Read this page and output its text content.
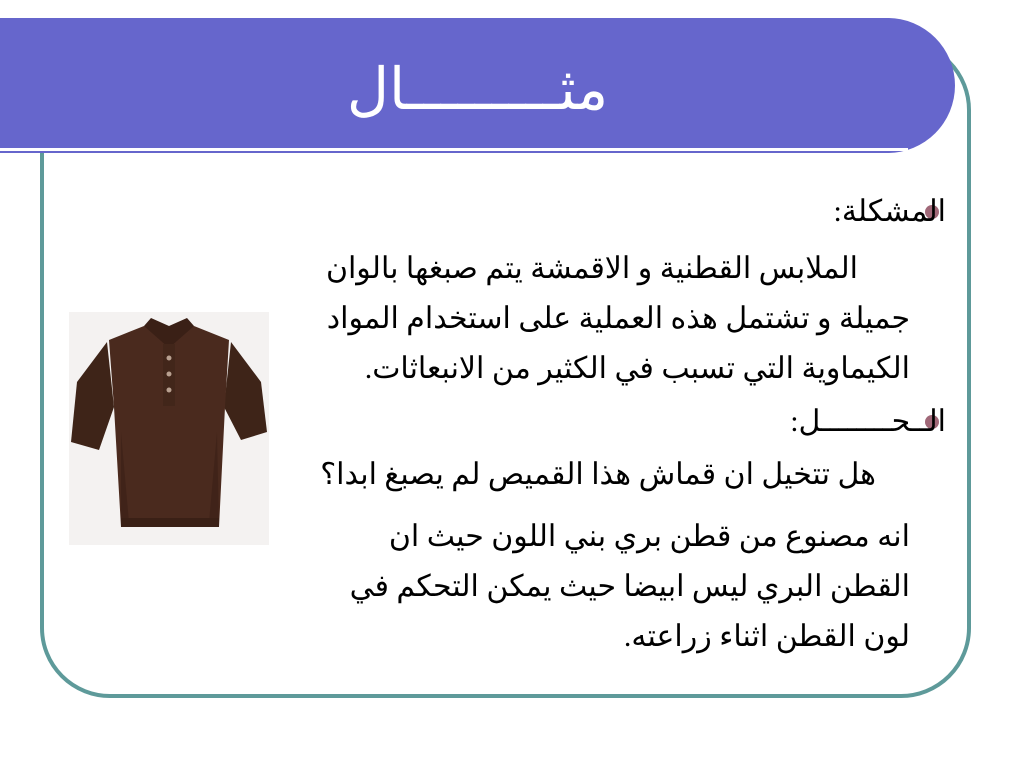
مثـــــــــال
المشكلة:
الملابس القطنية و الاقمشة يتم صبغها بالوان
جميلة و تشتمل هذه العملية على استخدام المواد
الكيماوية التي تسبب في الكثير من الانبعاثات.
الــحــــــــل:
هل تتخيل ان قماش هذا القميص لم يصبغ ابدا؟
انه مصنوع من قطن بري بني اللون حيث ان
القطن البري ليس ابيضا حيث يمكن التحكم في
لون القطن اثناء زراعته.
